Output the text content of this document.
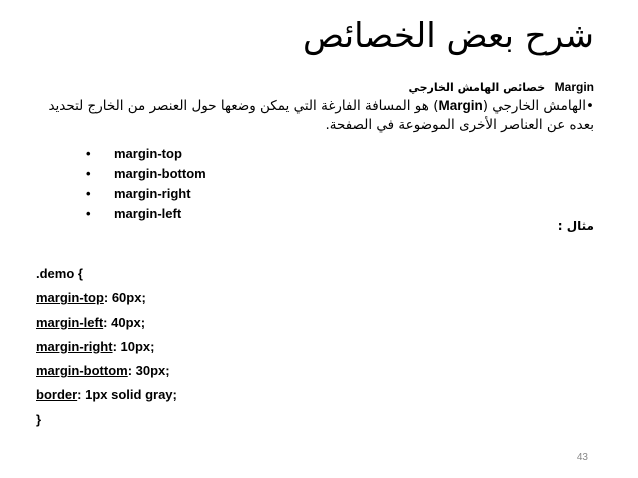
شرح بعض الخصائص
Margin خصائص الهامش الخارجي
•الهامش الخارجي (Margin) هو المسافة الفارغة التي يمكن وضعها حول العنصر من الخارج لتحديد
بعده عن العناصر الأخرى الموضوعة في الصفحة.
• margin-top
• margin-bottom
• margin-right
• margin-left
مثال :
.demo {
margin-top: 60px;
margin-left: 40px;
margin-right: 10px;
margin-bottom: 30px;
border: 1px solid gray;
}
43
